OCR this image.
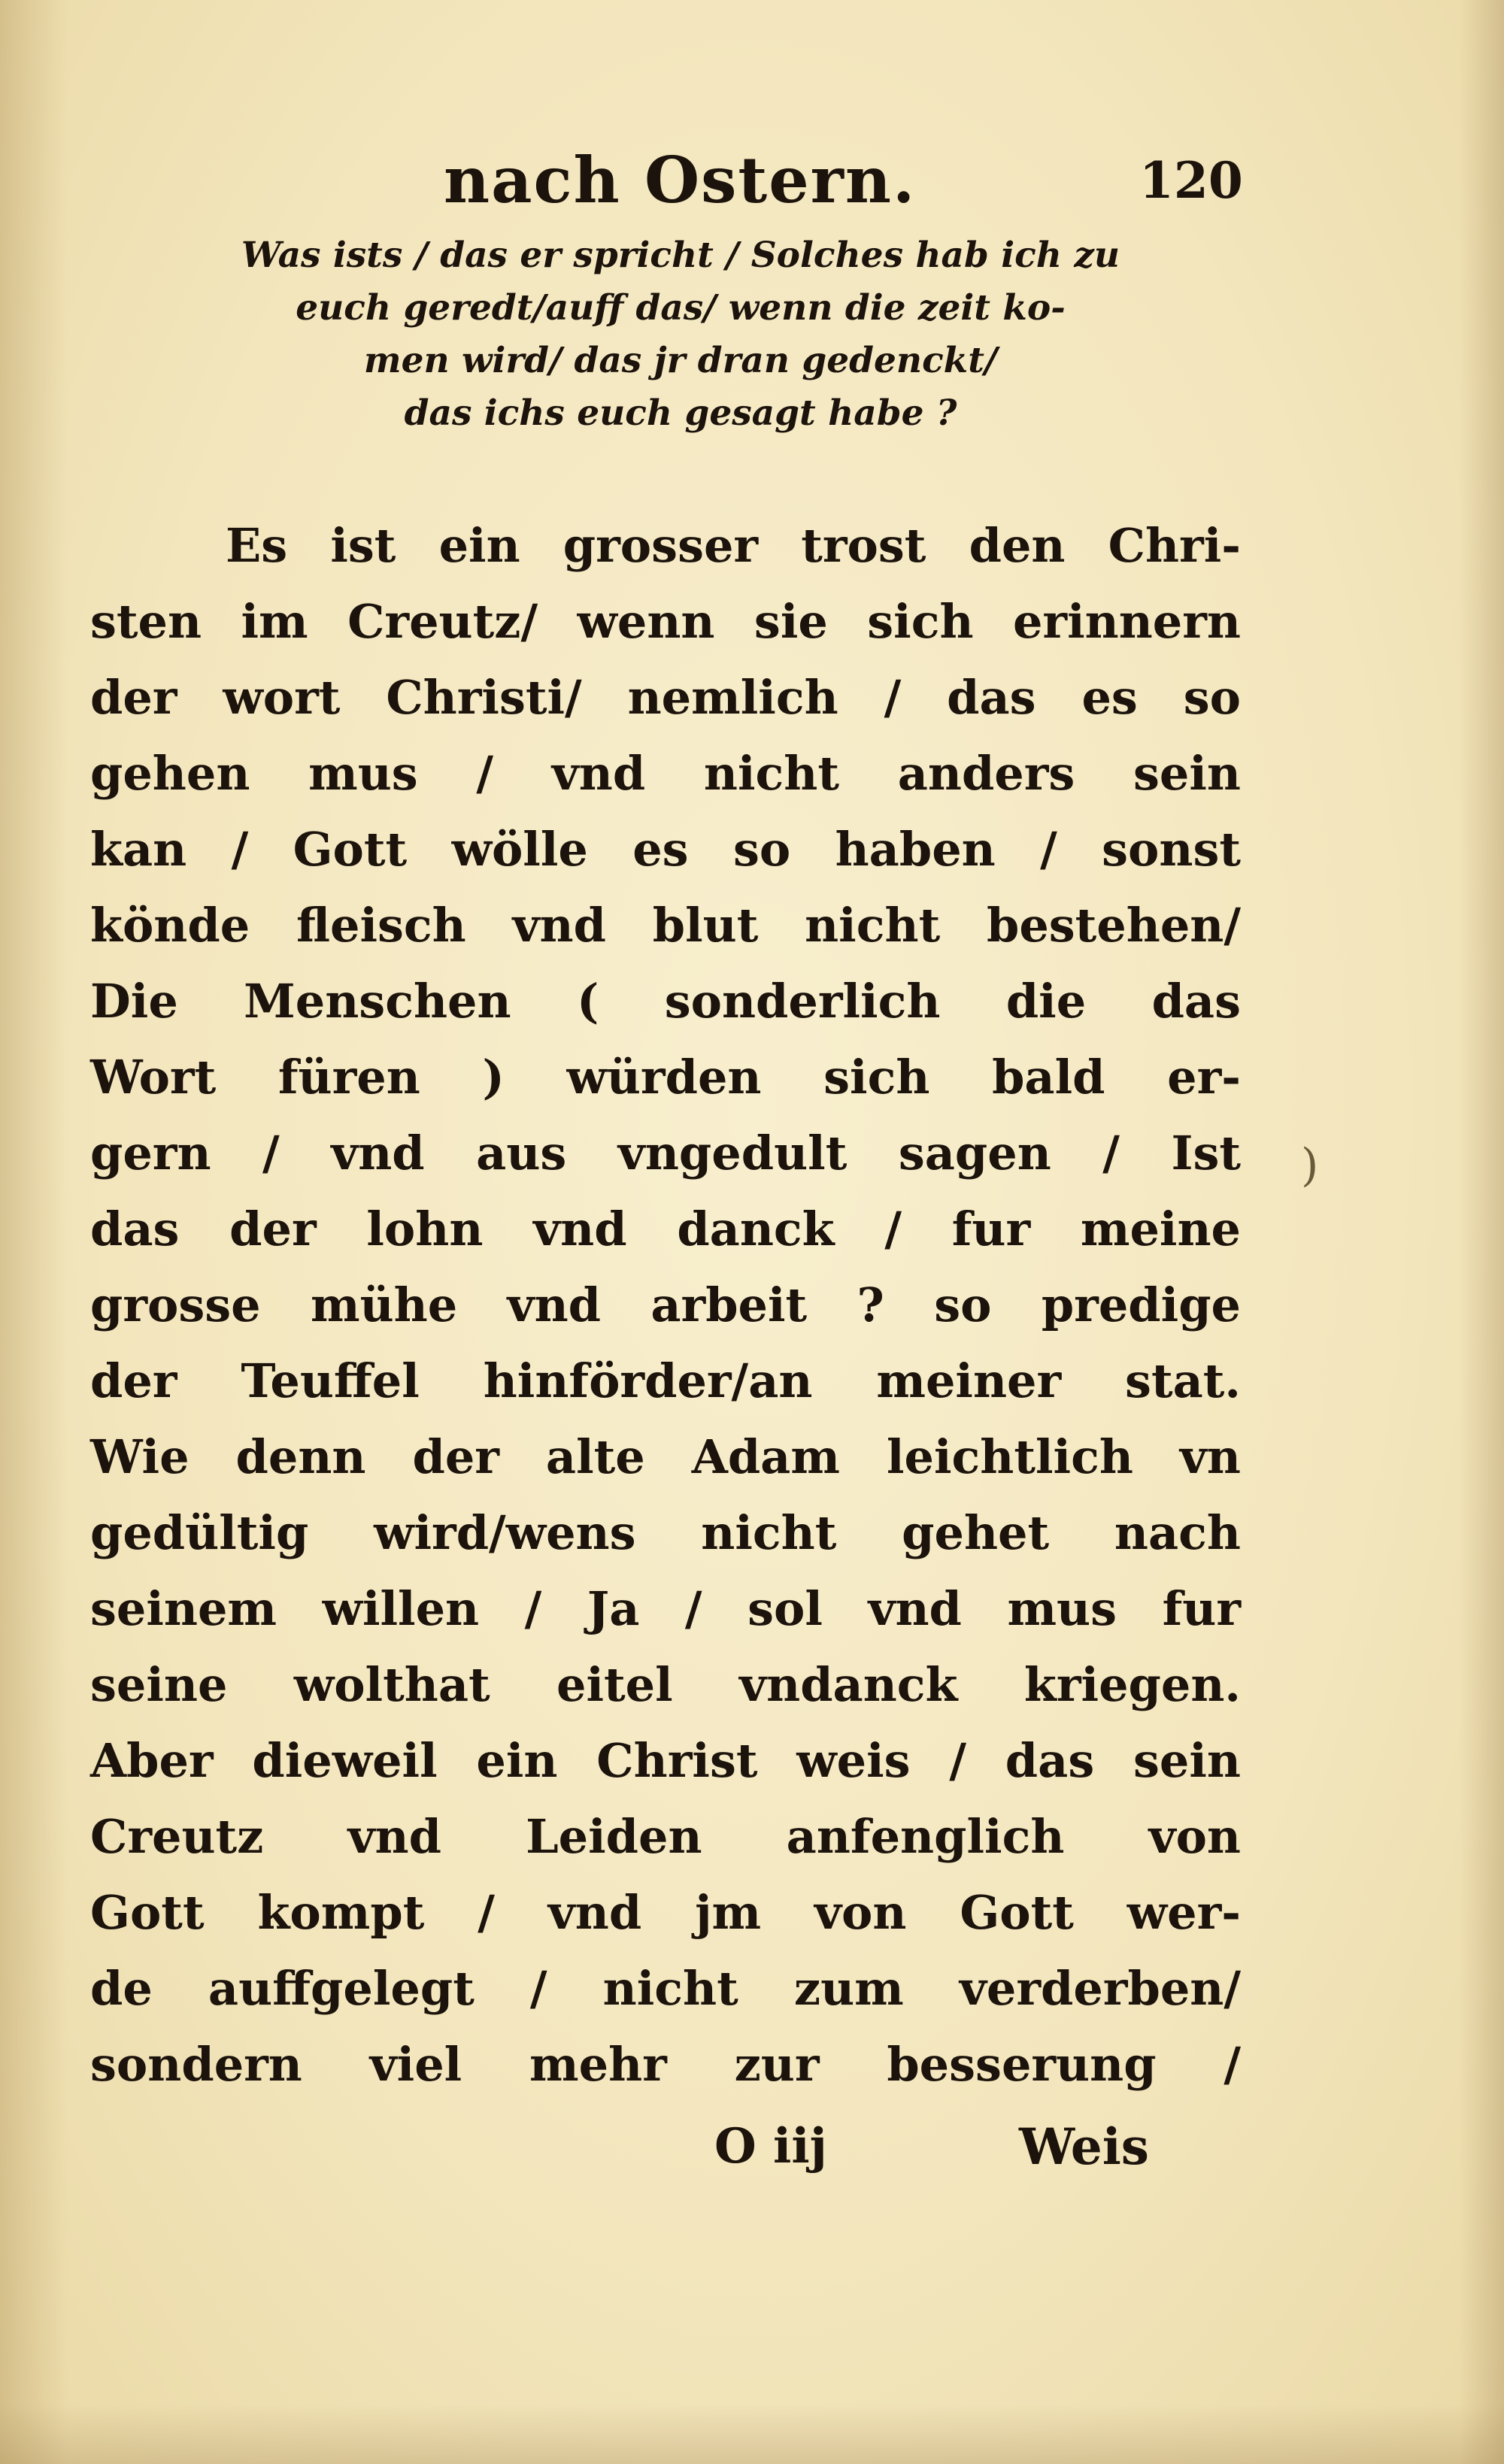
nach Ostern.	120
Was ists / das er spricht / Solches hab ich zu
euch geredt/auff das/ wenn die zeit ko-
men wird/ das jr dran gedenckt/
das ichs euch gesagt habe ?
Es ist ein grosser trost den Chri-
sten im Creutz/ wenn sie sich erinnern
der wort Christi/ nemlich / das es so
gehen mus / vnd nicht anders sein
kan / Gott wölle es so haben / sonst
könde fleisch vnd blut nicht bestehen/
Die Menschen ( sonderlich die das
Wort füren ) würden sich bald er-
gern / vnd aus vngedult sagen / Ist
das der lohn vnd danck / fur meine
grosse mühe vnd arbeit ? so predige
der Teuffel hinförder/an meiner stat.
Wie denn der alte Adam leichtlich vn
gedültig wird/wens nicht gehet nach
seinem willen / Ja / sol vnd mus fur
seine wolthat eitel vndanck kriegen.
Aber dieweil ein Christ weis / das sein
Creutz vnd Leiden anfenglich von
Gott kompt / vnd jm von Gott wer-
de auffgelegt / nicht zum verderben/
sondern viel mehr zur besserung /
)
O iij	Weis
